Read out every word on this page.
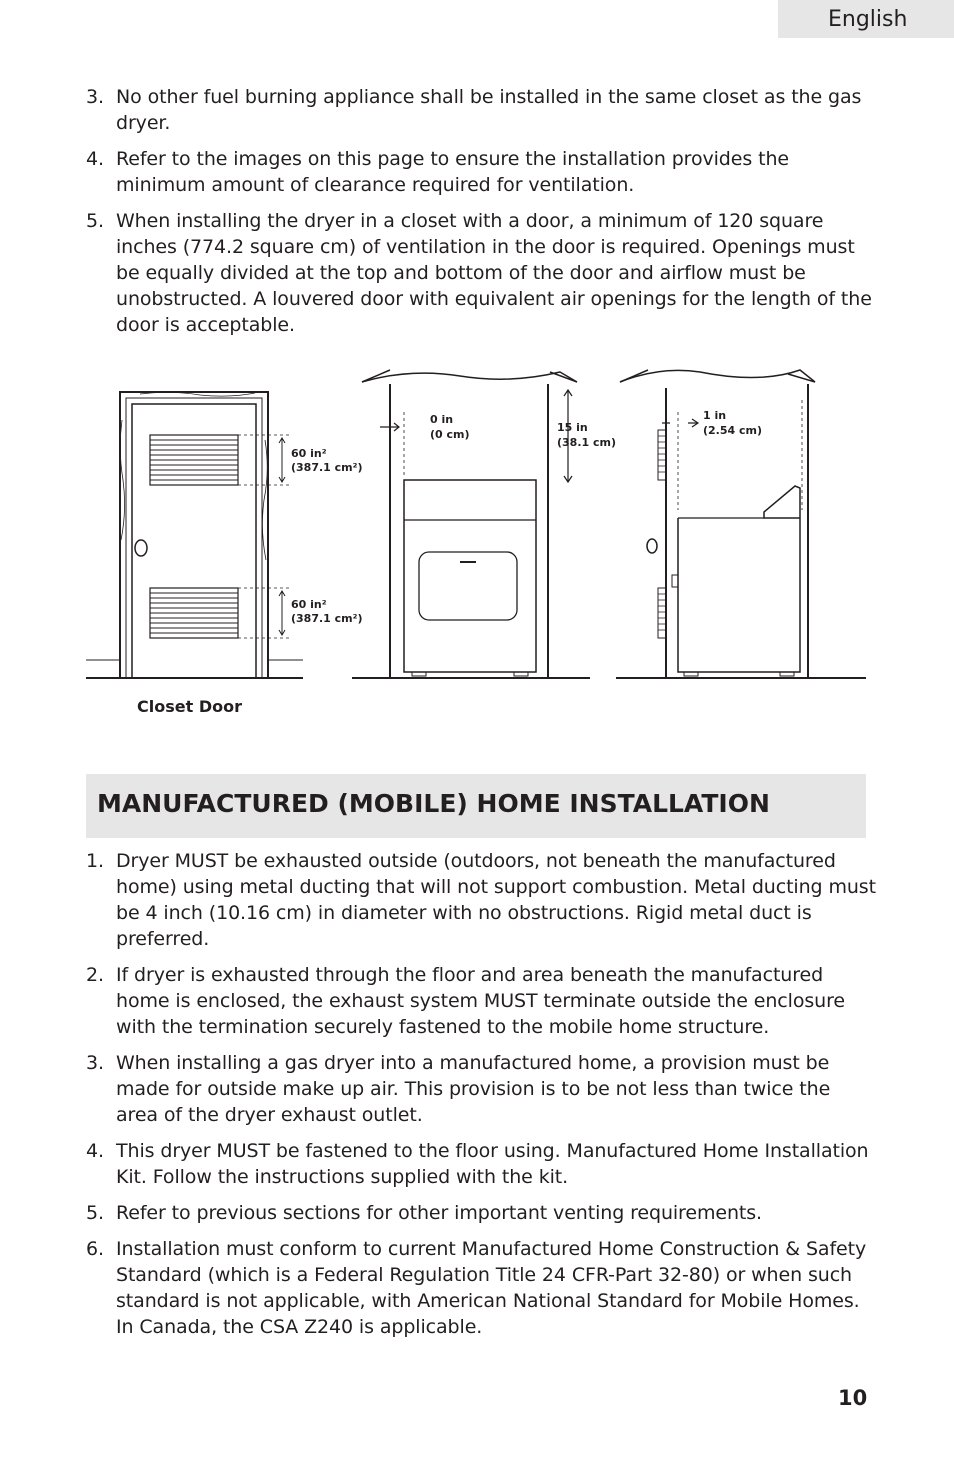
English
3. No other fuel burning appliance shall be installed in the same closet as the gas dryer.
4. Refer to the images on this page to ensure the installation provides the minimum amount of clearance required for ventilation.
5. When installing the dryer in a closet with a door, a minimum of 120 square inches (774.2 square cm) of ventilation in the door is required. Openings must be equally divided at the top and bottom of the door and airflow must be unobstructed. A louvered door with equivalent air openings for the length of the door is acceptable.
60 in²
(387.1 cm²)
60 in²
(387.1 cm²)
0 in
(0 cm)
15 in
(38.1 cm)
1 in
(2.54 cm)
Closet Door
MANUFACTURED (MOBILE) HOME INSTALLATION
1. Dryer MUST be exhausted outside (outdoors, not beneath the manufactured home) using metal ducting that will not support combustion. Metal ducting must be 4 inch (10.16 cm) in diameter with no obstructions. Rigid metal duct is preferred.
2. If dryer is exhausted through the floor and area beneath the manufactured home is enclosed, the exhaust system MUST terminate outside the enclosure with the termination securely fastened to the mobile home structure.
3. When installing a gas dryer into a manufactured home, a provision must be made for outside make up air. This provision is to be not less than twice the area of the dryer exhaust outlet.
4. This dryer MUST be fastened to the floor using. Manufactured Home Installation Kit. Follow the instructions supplied with the kit.
5. Refer to previous sections for other important venting requirements.
6. Installation must conform to current Manufactured Home Construction & Safety Standard (which is a Federal Regulation Title 24 CFR-Part 32-80) or when such standard is not applicable, with American National Standard for Mobile Homes. In Canada, the CSA Z240 is applicable.
10
